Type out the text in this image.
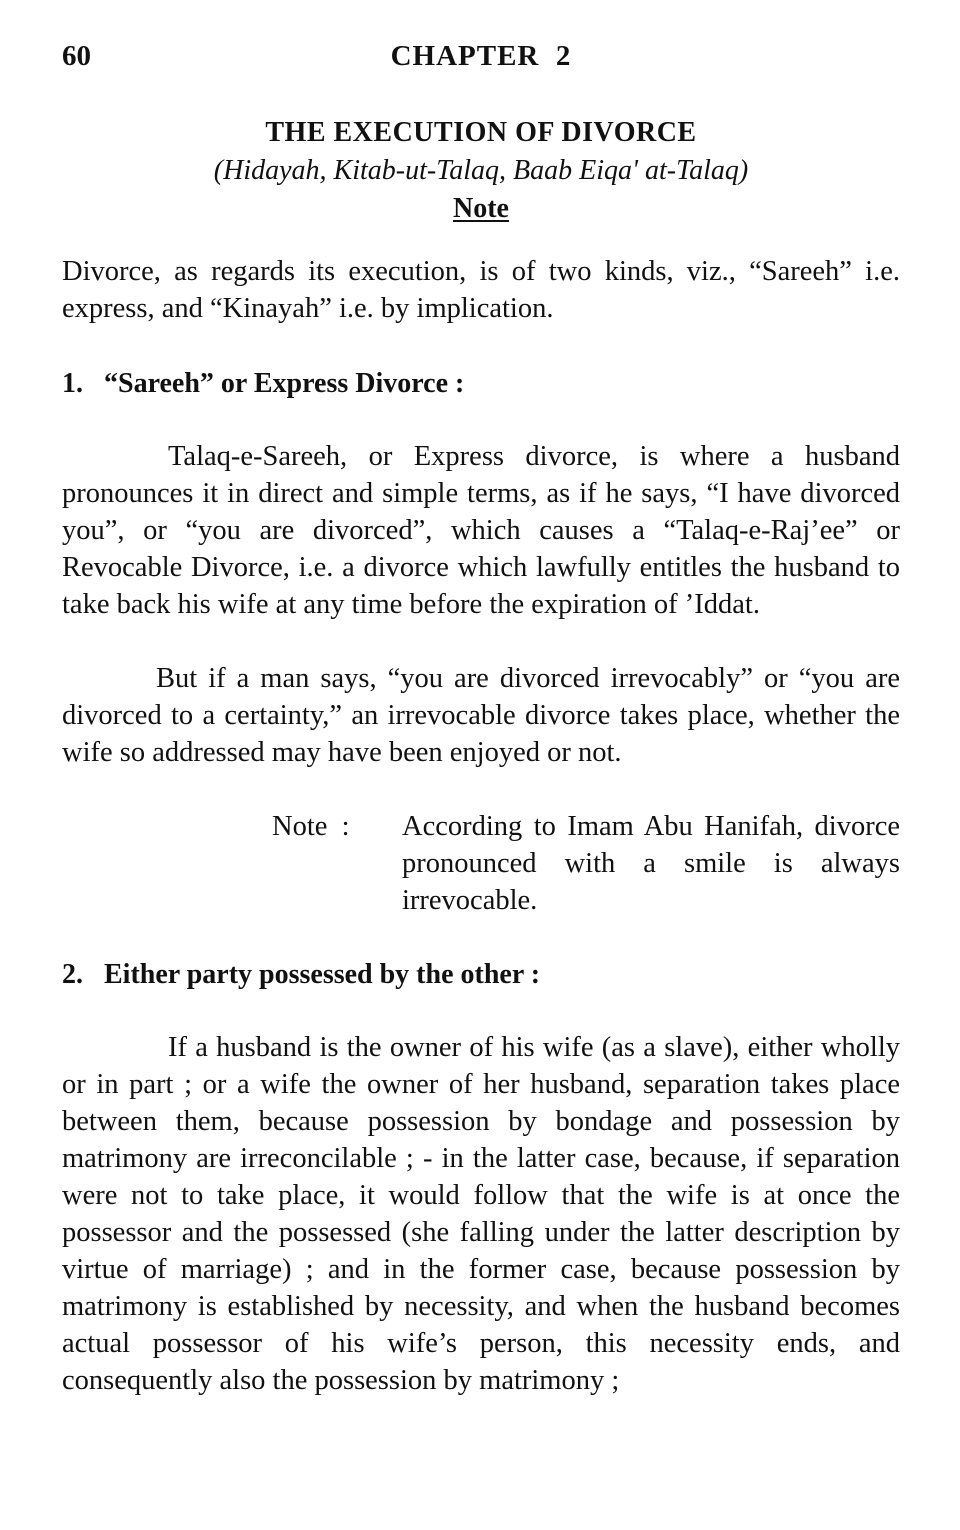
60	CHAPTER  2
THE EXECUTION OF DIVORCE
(Hidayah, Kitab-ut-Talaq, Baab Eiqa' at-Talaq)
Note

Divorce, as regards its execution, is of two kinds, viz., “Sareeh” i.e. express, and “Kinayah” i.e. by implication.

1. “Sareeh” or Express Divorce :

Talaq-e-Sareeh, or Express divorce, is where a husband pronounces it in direct and simple terms, as if he says, “I have divorced you”, or “you are divorced”, which causes a “Talaq-e-Raj’ee” or Revocable Divorce, i.e. a divorce which lawfully entitles the husband to take back his wife at any time before the expiration of ’Iddat.

But if a man says, “you are divorced irrevocably” or “you are divorced to a certainty,” an irrevocable divorce takes place, whether the wife so addressed may have been enjoyed or not.

Note  :	According to Imam Abu Hanifah, divorce pronounced with a smile is always irrevocable.

2. Either party possessed by the other :

If a husband is the owner of his wife (as a slave), either wholly or in part ; or a wife the owner of her husband, separation takes place between them, because possession by bondage and possession by matrimony are irreconcilable ; - in the latter case, because, if separation were not to take place, it would follow that the wife is at once the possessor and the possessed (she falling under the latter description by virtue of marriage) ; and in the former case, because possession by matrimony is established by necessity, and when the husband becomes actual possessor of his wife’s person, this necessity ends, and consequently also the possession by matrimony ;
